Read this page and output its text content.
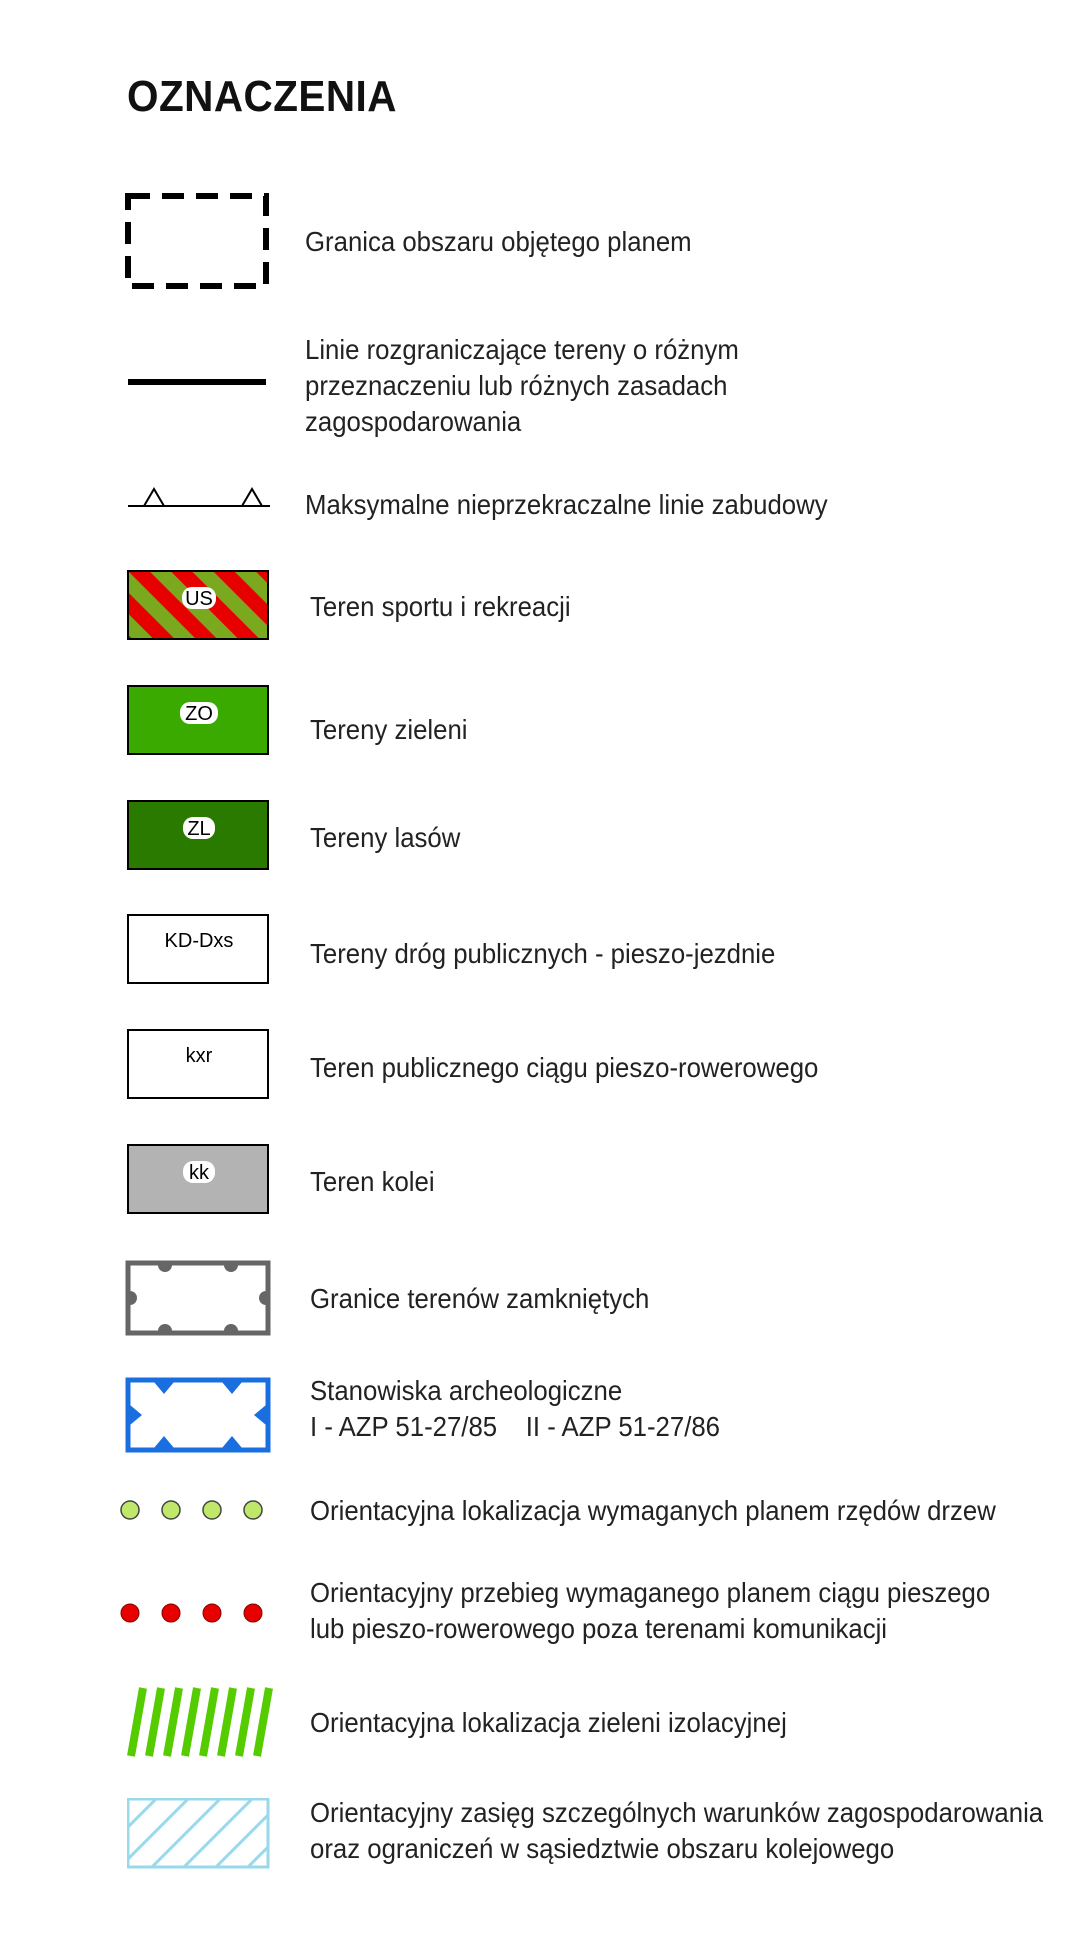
OZNACZENIA
Granica obszaru objętego planem
Linie rozgraniczające tereny o różnym
przeznaczeniu lub różnych zasadach
zagospodarowania
Maksymalne nieprzekraczalne linie zabudowy
US	Teren sportu i rekreacji
ZO	Tereny zieleni
ZL	Tereny lasów
KD-Dxs	Tereny dróg publicznych - pieszo-jezdnie
kxr	Teren publicznego ciągu pieszo-rowerowego
kk	Teren kolei
Granice terenów zamkniętych
Stanowiska archeologiczne
I - AZP 51-27/85    II - AZP 51-27/86
Orientacyjna lokalizacja wymaganych planem rzędów drzew
Orientacyjny przebieg wymaganego planem ciągu pieszego
lub pieszo-rowerowego poza terenami komunikacji
Orientacyjna lokalizacja zieleni izolacyjnej
Orientacyjny zasięg szczególnych warunków zagospodarowania
oraz ograniczeń w sąsiedztwie obszaru kolejowego
